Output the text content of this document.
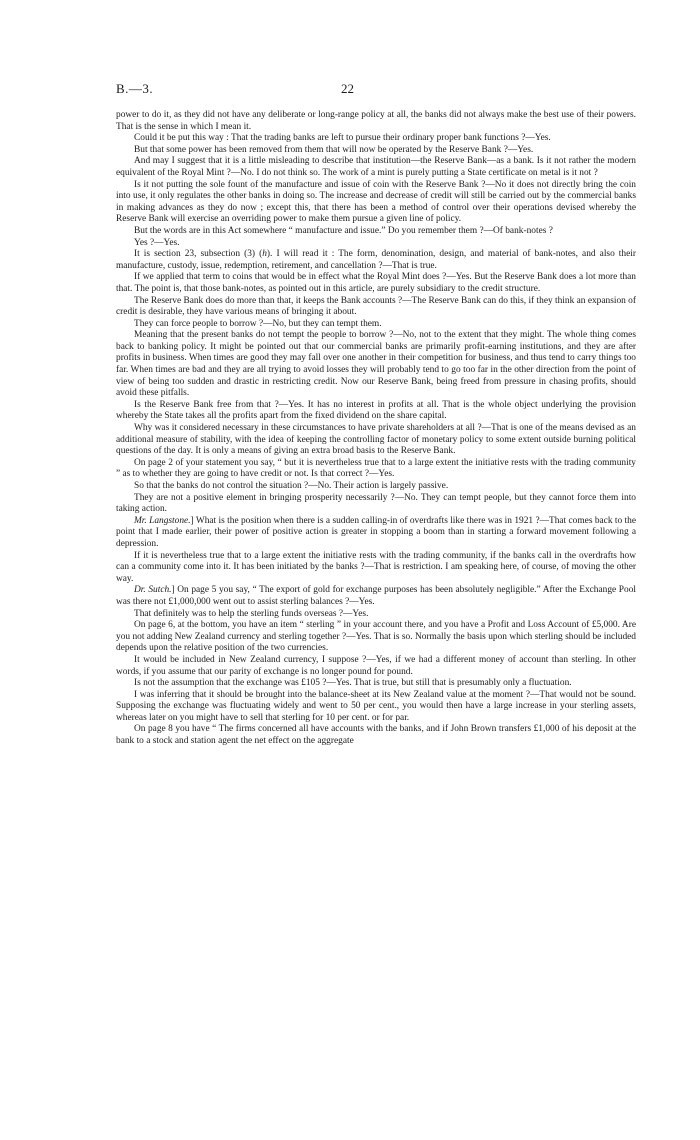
B.—3.	22

power to do it, as they did not have any deliberate or long-range policy at all, the banks did not always make the best use of their powers. That is the sense in which I mean it.

Could it be put this way : That the trading banks are left to pursue their ordinary proper bank functions ?—Yes.

But that some power has been removed from them that will now be operated by the Reserve Bank ?—Yes.

And may I suggest that it is a little misleading to describe that institution—the Reserve Bank—as a bank. Is it not rather the modern equivalent of the Royal Mint ?—No. I do not think so. The work of a mint is purely putting a State certificate on metal is it not ?

Is it not putting the sole fount of the manufacture and issue of coin with the Reserve Bank ?—No it does not directly bring the coin into use, it only regulates the other banks in doing so. The increase and decrease of credit will still be carried out by the commercial banks in making advances as they do now ; except this, that there has been a method of control over their operations devised whereby the Reserve Bank will exercise an overriding power to make them pursue a given line of policy.

But the words are in this Act somewhere “ manufacture and issue.” Do you remember them ?—Of bank-notes ?

Yes ?—Yes.

It is section 23, subsection (3) (h). I will read it : The form, denomination, design, and material of bank-notes, and also their manufacture, custody, issue, redemption, retirement, and cancellation ?—That is true.

If we applied that term to coins that would be in effect what the Royal Mint does ?—Yes. But the Reserve Bank does a lot more than that. The point is, that those bank-notes, as pointed out in this article, are purely subsidiary to the credit structure.

The Reserve Bank does do more than that, it keeps the Bank accounts ?—The Reserve Bank can do this, if they think an expansion of credit is desirable, they have various means of bringing it about.

They can force people to borrow ?—No, but they can tempt them.

Meaning that the present banks do not tempt the people to borrow ?—No, not to the extent that they might. The whole thing comes back to banking policy. It might be pointed out that our commercial banks are primarily profit-earning institutions, and they are after profits in business. When times are good they may fall over one another in their competition for business, and thus tend to carry things too far. When times are bad and they are all trying to avoid losses they will probably tend to go too far in the other direction from the point of view of being too sudden and drastic in restricting credit. Now our Reserve Bank, being freed from pressure in chasing profits, should avoid these pitfalls.

Is the Reserve Bank free from that ?—Yes. It has no interest in profits at all. That is the whole object underlying the provision whereby the State takes all the profits apart from the fixed dividend on the share capital.

Why was it considered necessary in these circumstances to have private shareholders at all ?—That is one of the means devised as an additional measure of stability, with the idea of keeping the controlling factor of monetary policy to some extent outside burning political questions of the day. It is only a means of giving an extra broad basis to the Reserve Bank.

On page 2 of your statement you say, “ but it is nevertheless true that to a large extent the initiative rests with the trading community ” as to whether they are going to have credit or not. Is that correct ?—Yes.

So that the banks do not control the situation ?—No. Their action is largely passive.

They are not a positive element in bringing prosperity necessarily ?—No. They can tempt people, but they cannot force them into taking action.

Mr. Langstone.] What is the position when there is a sudden calling-in of overdrafts like there was in 1921 ?—That comes back to the point that I made earlier, their power of positive action is greater in stopping a boom than in starting a forward movement following a depression.

If it is nevertheless true that to a large extent the initiative rests with the trading community, if the banks call in the overdrafts how can a community come into it. It has been initiated by the banks ?—That is restriction. I am speaking here, of course, of moving the other way.

Dr. Sutch.] On page 5 you say, “ The export of gold for exchange purposes has been absolutely negligible.” After the Exchange Pool was there not £1,000,000 went out to assist sterling balances ?—Yes.

That definitely was to help the sterling funds overseas ?—Yes.

On page 6, at the bottom, you have an item “ sterling ” in your account there, and you have a Profit and Loss Account of £5,000. Are you not adding New Zealand currency and sterling together ?—Yes. That is so. Normally the basis upon which sterling should be included depends upon the relative position of the two currencies.

It would be included in New Zealand currency, I suppose ?—Yes, if we had a different money of account than sterling. In other words, if you assume that our parity of exchange is no longer pound for pound.

Is not the assumption that the exchange was £105 ?—Yes. That is true, but still that is presumably only a fluctuation.

I was inferring that it should be brought into the balance-sheet at its New Zealand value at the moment ?—That would not be sound. Supposing the exchange was fluctuating widely and went to 50 per cent., you would then have a large increase in your sterling assets, whereas later on you might have to sell that sterling for 10 per cent. or for par.

On page 8 you have “ The firms concerned all have accounts with the banks, and if John Brown transfers £1,000 of his deposit at the bank to a stock and station agent the net effect on the aggregate
